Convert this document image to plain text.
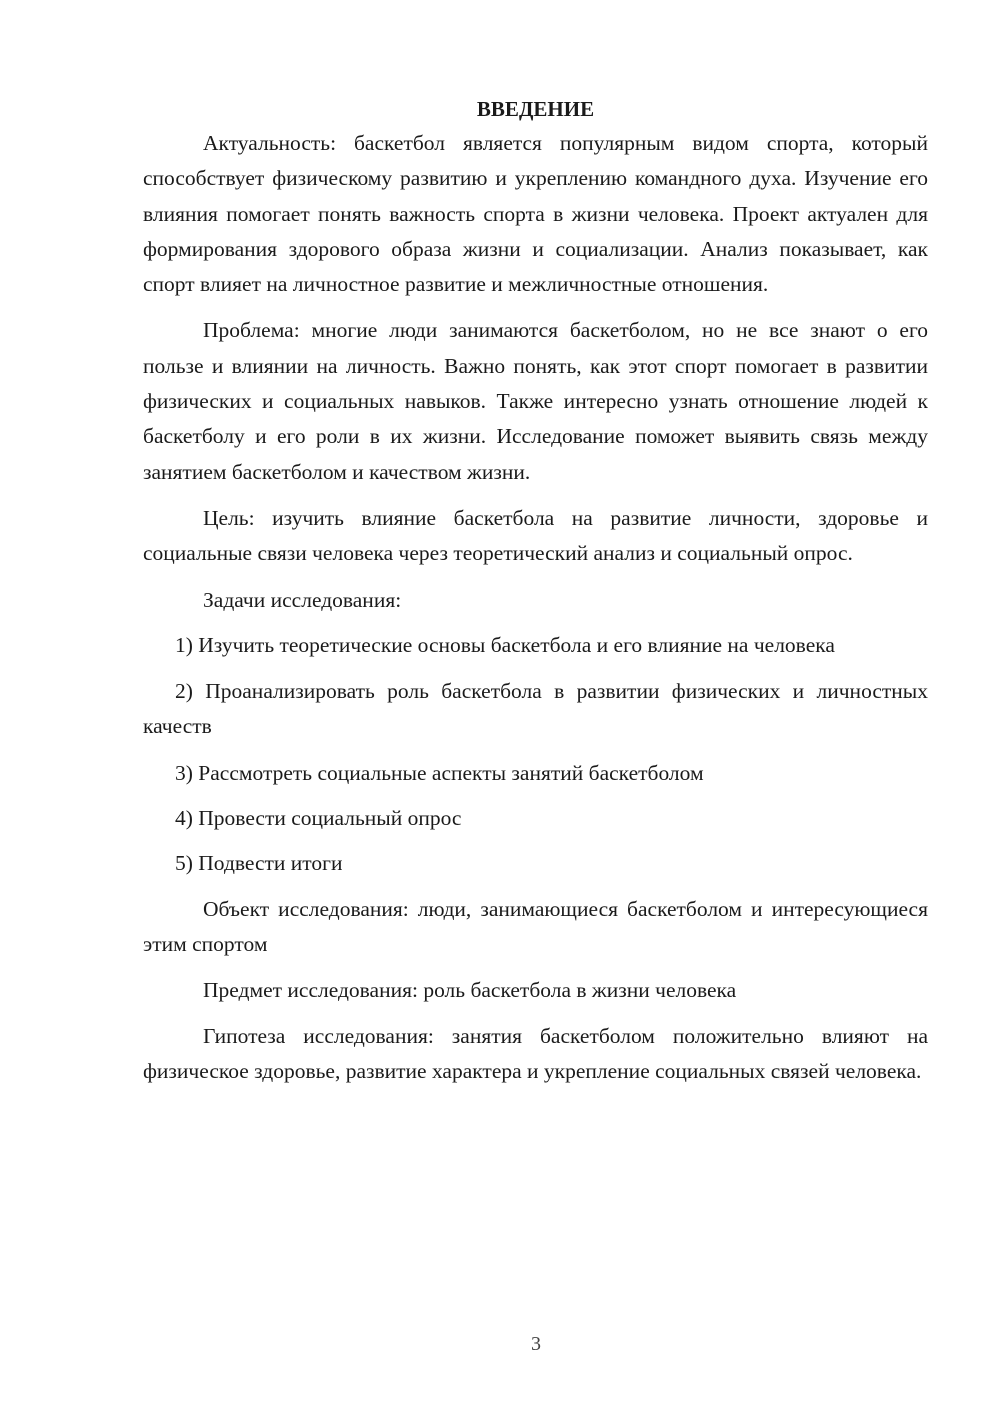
ВВЕДЕНИЕ

Актуальность: баскетбол является популярным видом спорта, который способствует физическому развитию и укреплению командного духа. Изучение его влияния помогает понять важность спорта в жизни человека. Проект актуален для формирования здорового образа жизни и социализации. Анализ показывает, как спорт влияет на личностное развитие и межличностные отношения.

Проблема: многие люди занимаются баскетболом, но не все знают о его пользе и влиянии на личность. Важно понять, как этот спорт помогает в развитии физических и социальных навыков. Также интересно узнать отношение людей к баскетболу и его роли в их жизни. Исследование поможет выявить связь между занятием баскетболом и качеством жизни.

Цель: изучить влияние баскетбола на развитие личности, здоровье и социальные связи человека через теоретический анализ и социальный опрос.

Задачи исследования:

1) Изучить теоретические основы баскетбола и его влияние на человека

2) Проанализировать роль баскетбола в развитии физических и личностных качеств

3) Рассмотреть социальные аспекты занятий баскетболом

4) Провести социальный опрос

5) Подвести итоги

Объект исследования: люди, занимающиеся баскетболом и интересующиеся этим спортом

Предмет исследования: роль баскетбола в жизни человека

Гипотеза исследования: занятия баскетболом положительно влияют на физическое здоровье, развитие характера и укрепление социальных связей человека.

3
